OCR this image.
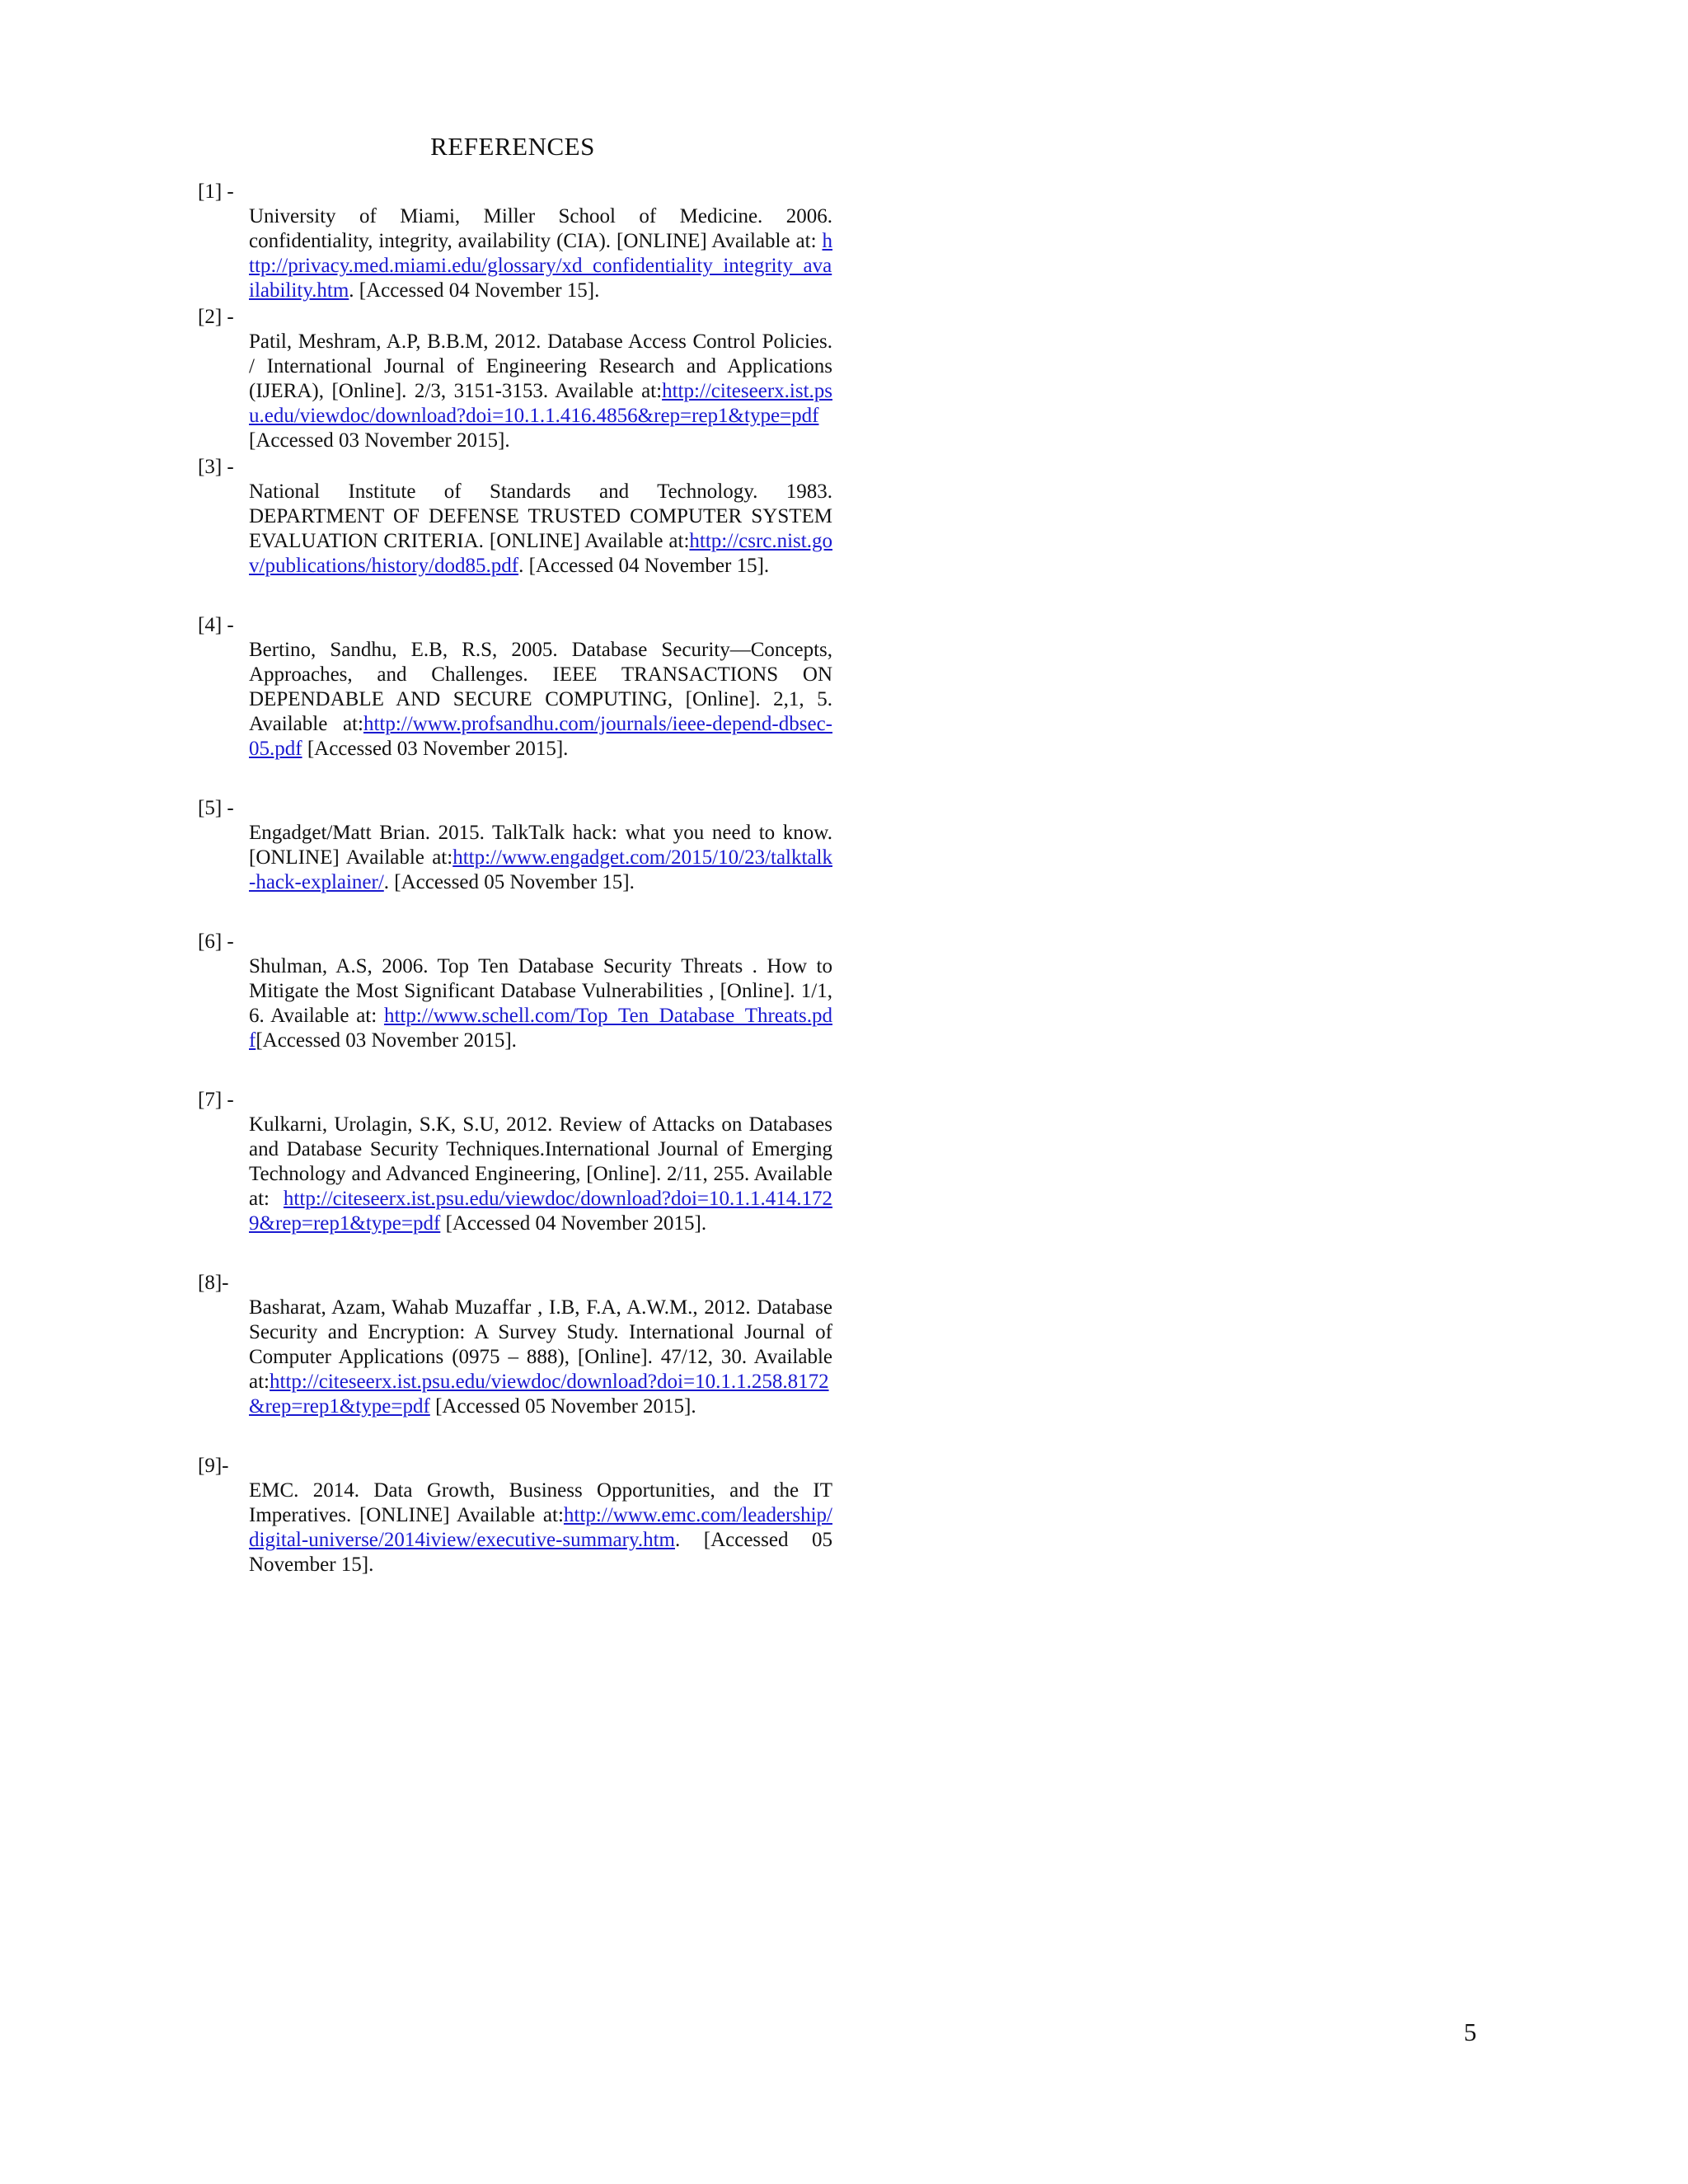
REFERENCES
[1] -
University of Miami, Miller School of Medicine. 2006. confidentiality, integrity, availability (CIA). [ONLINE] Available at: http://privacy.med.miami.edu/glossary/xd_confidentiality_integrity_availability.htm. [Accessed 04 November 15].
[2] -
Patil, Meshram, A.P, B.B.M, 2012. Database Access Control Policies. / International Journal of Engineering Research and Applications (IJERA), [Online]. 2/3, 3151-3153. Available at:http://citeseerx.ist.psu.edu/viewdoc/download?doi=10.1.1.416.4856&rep=rep1&type=pdf [Accessed 03 November 2015].
[3] -
National Institute of Standards and Technology. 1983. DEPARTMENT OF DEFENSE TRUSTED COMPUTER SYSTEM EVALUATION CRITERIA. [ONLINE] Available at:http://csrc.nist.gov/publications/history/dod85.pdf. [Accessed 04 November 15].
[4] -
Bertino, Sandhu, E.B, R.S, 2005. Database Security—Concepts, Approaches, and Challenges. IEEE TRANSACTIONS ON DEPENDABLE AND SECURE COMPUTING, [Online]. 2,1, 5. Available at:http://www.profsandhu.com/journals/ieee-depend-dbsec-05.pdf [Accessed 03 November 2015].
[5] -
Engadget/Matt Brian. 2015. TalkTalk hack: what you need to know. [ONLINE] Available at:http://www.engadget.com/2015/10/23/talktalk-hack-explainer/. [Accessed 05 November 15].
[6] -
Shulman, A.S, 2006. Top Ten Database Security Threats . How to Mitigate the Most Significant Database Vulnerabilities , [Online]. 1/1, 6. Available at: http://www.schell.com/Top_Ten_Database_Threats.pdf[Accessed 03 November 2015].
[7] -
Kulkarni, Urolagin, S.K, S.U, 2012. Review of Attacks on Databases and Database Security Techniques.International Journal of Emerging Technology and Advanced Engineering, [Online]. 2/11, 255. Available at: http://citeseerx.ist.psu.edu/viewdoc/download?doi=10.1.1.414.1729&rep=rep1&type=pdf [Accessed 04 November 2015].
[8]-
Basharat, Azam, Wahab Muzaffar , I.B, F.A, A.W.M., 2012. Database Security and Encryption: A Survey Study. International Journal of Computer Applications (0975 – 888), [Online]. 47/12, 30. Available at:http://citeseerx.ist.psu.edu/viewdoc/download?doi=10.1.1.258.8172&rep=rep1&type=pdf [Accessed 05 November 2015].
[9]-
EMC. 2014. Data Growth, Business Opportunities, and the IT Imperatives. [ONLINE] Available at:http://www.emc.com/leadership/digital-universe/2014iview/executive-summary.htm. [Accessed 05 November 15].
5
